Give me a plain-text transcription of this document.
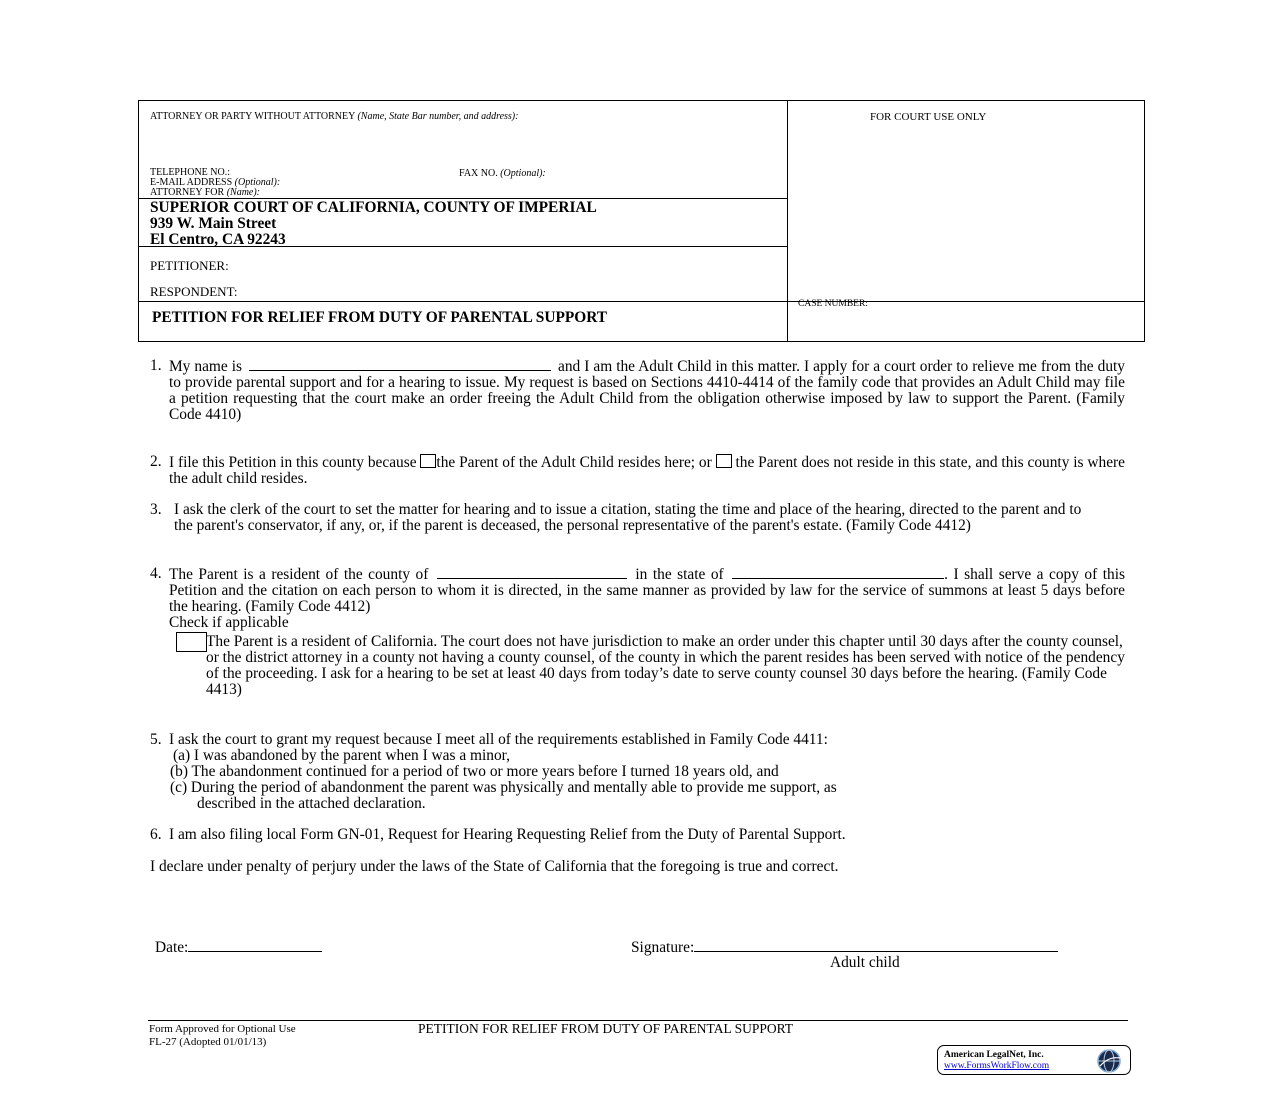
ATTORNEY OR PARTY WITHOUT ATTORNEY (Name, State Bar number, and address):	FOR COURT USE ONLY
TELEPHONE NO.:
E-MAIL ADDRESS (Optional):
ATTORNEY FOR (Name):
FAX NO. (Optional):
SUPERIOR COURT OF CALIFORNIA, COUNTY OF IMPERIAL
939 W. Main Street
El Centro, CA 92243
PETITIONER:
RESPONDENT:
PETITION FOR RELIEF FROM DUTY OF PARENTAL SUPPORT
CASE NUMBER:
1. My name is	and I am the Adult Child in this matter. I apply for a court order to relieve me from the duty to provide parental support and for a hearing to issue. My request is based on Sections 4410-4414 of the family code that provides an Adult Child may file a petition requesting that the court make an order freeing the Adult Child from the obligation otherwise imposed by law to support the Parent. (Family Code 4410)
2. I file this Petition in this county because the Parent of the Adult Child resides here; or the Parent does not reside in this state, and this county is where the adult child resides.
3. I ask the clerk of the court to set the matter for hearing and to issue a citation, stating the time and place of the hearing, directed to the parent and to the parent's conservator, if any, or, if the parent is deceased, the personal representative of the parent's estate. (Family Code 4412)
4. The Parent is a resident of the county of	in the state of	. I shall serve a copy of this Petition and the citation on each person to whom it is directed, in the same manner as provided by law for the service of summons at least 5 days before the hearing. (Family Code 4412)
Check if applicable
The Parent is a resident of California. The court does not have jurisdiction to make an order under this chapter until 30 days after the county counsel, or the district attorney in a county not having a county counsel, of the county in which the parent resides has been served with notice of the pendency of the proceeding. I ask for a hearing to be set at least 40 days from today’s date to serve county counsel 30 days before the hearing. (Family Code 4413)
5. I ask the court to grant my request because I meet all of the requirements established in Family Code 4411:
(a) I was abandoned by the parent when I was a minor,
(b) The abandonment continued for a period of two or more years before I turned 18 years old, and
(c) During the period of abandonment the parent was physically and mentally able to provide me support, as
described in the attached declaration.
6. I am also filing local Form GN-01, Request for Hearing Requesting Relief from the Duty of Parental Support.
I declare under penalty of perjury under the laws of the State of California that the foregoing is true and correct.
Date:	Signature:
Adult child
Form Approved for Optional Use
FL-27 (Adopted 01/01/13)
PETITION FOR RELIEF FROM DUTY OF PARENTAL SUPPORT
American LegalNet, Inc.
www.FormsWorkFlow.com
